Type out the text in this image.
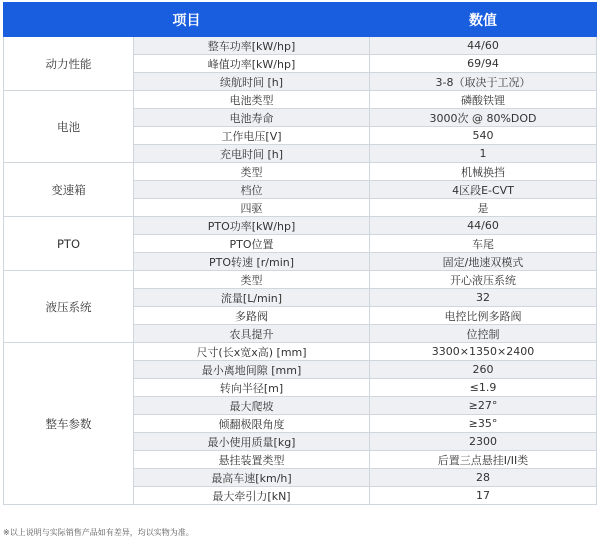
项目		数值
动力性能	整车功率[kW/hp]	44/60
	峰值功率[kW/hp]	69/94
	续航时间 [h]	3-8（取决于工况）
电池	电池类型	磷酸铁锂
	电池寿命	3000次 @ 80%DOD
	工作电压[V]	540
	充电时间 [h]	1
变速箱	类型	机械换挡
	档位	4区段E-CVT
	四驱	是
PTO	PTO功率[kW/hp]	44/60
	PTO位置	车尾
	PTO转速 [r/min]	固定/地速双模式
液压系统	类型	开心液压系统
	流量[L/min]	32
	多路阀	电控比例多路阀
	农具提升	位控制
整车参数	尺寸(长x宽x高) [mm]	3300×1350×2400
	最小离地间隙 [mm]	260
	转向半径[m]	≤1.9
	最大爬坡	≥27°
	倾翻极限角度	≥35°
	最小使用质量[kg]	2300
	悬挂装置类型	后置三点悬挂I/II类
	最高车速[km/h]	28
	最大牵引力[kN]	17
※以上说明与实际销售产品如有差异，均以实物为准。
